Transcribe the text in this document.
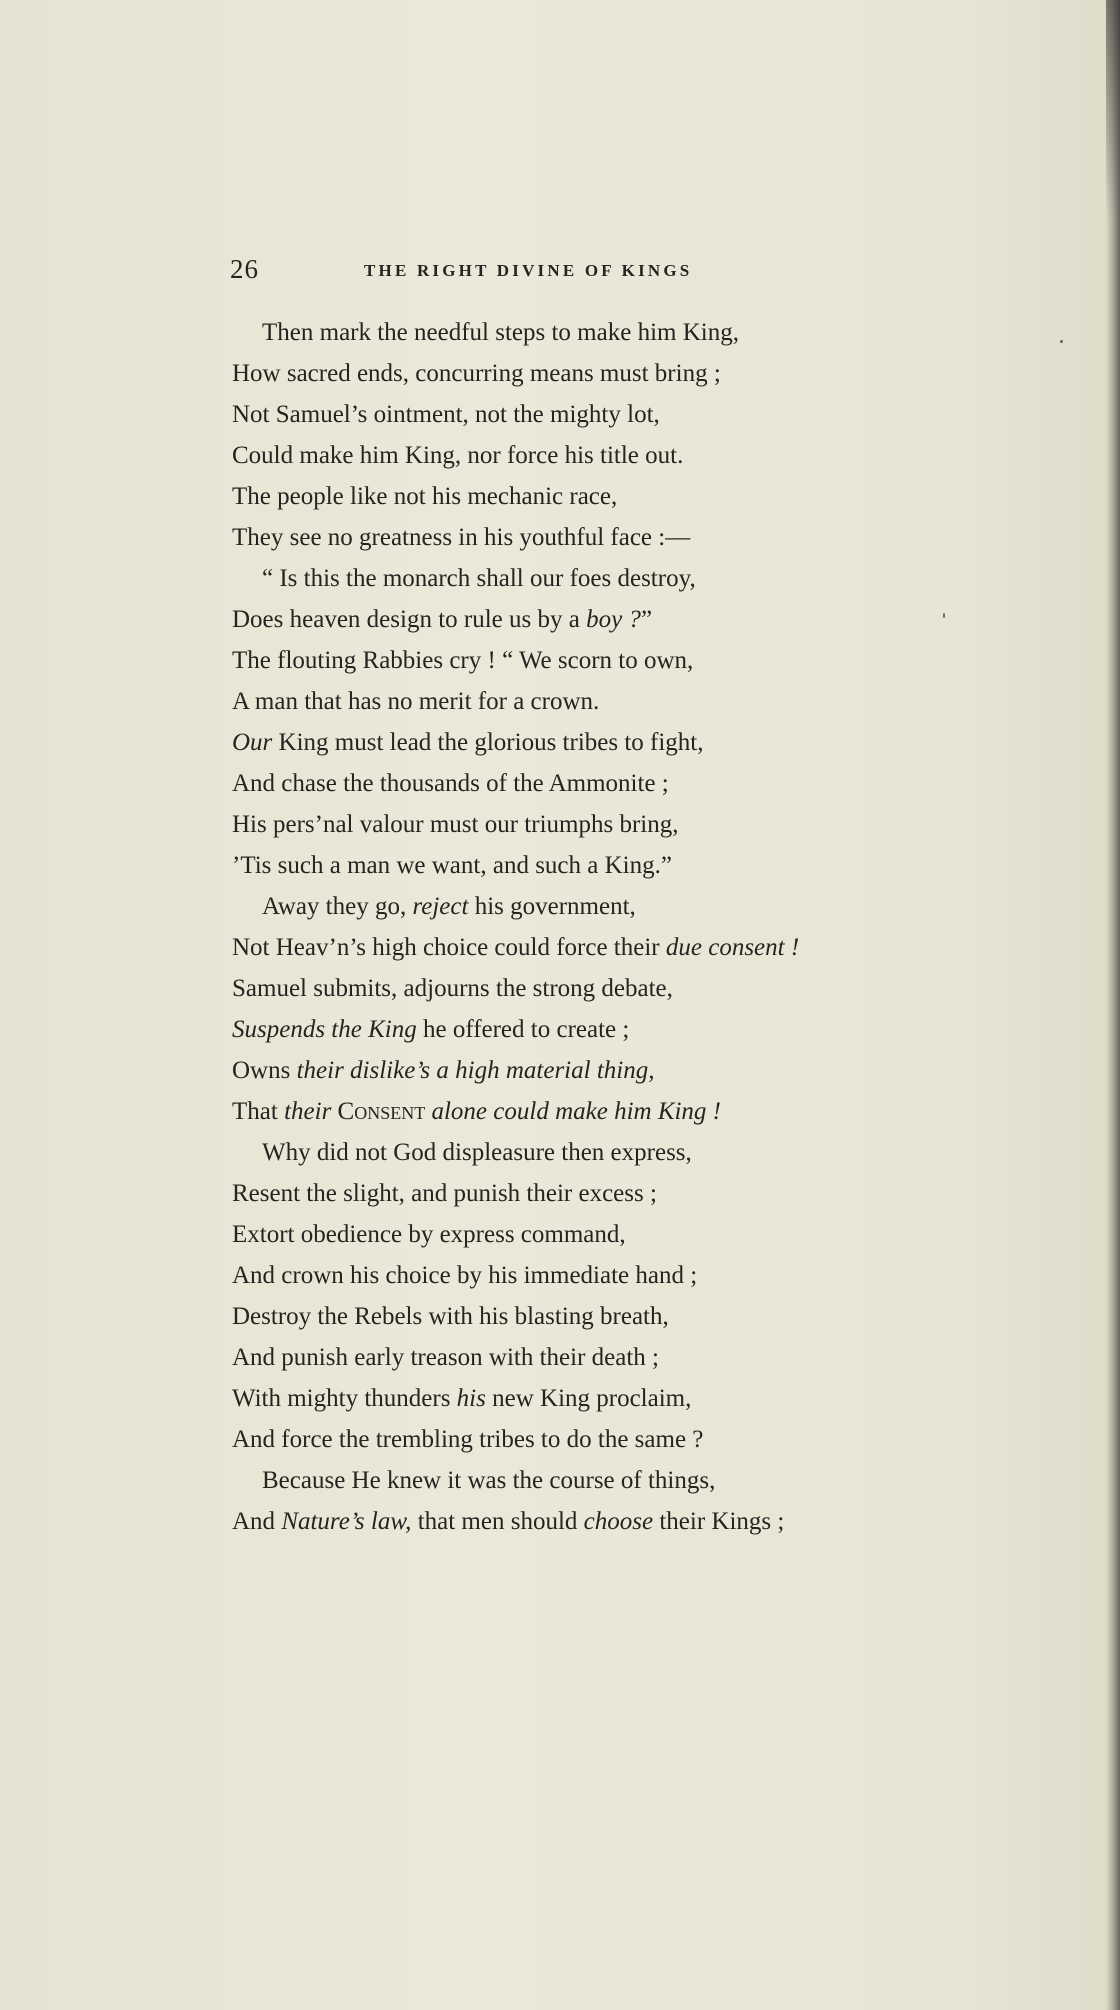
26	THE RIGHT DIVINE OF KINGS
Then mark the needful steps to make him King,
How sacred ends, concurring means must bring ;
Not Samuel’s ointment, not the mighty lot,
Could make him King, nor force his title out.
The people like not his mechanic race,
They see no greatness in his youthful face :—
“ Is this the monarch shall our foes destroy,
Does heaven design to rule us by a boy ?”
The flouting Rabbies cry ! “ We scorn to own,
A man that has no merit for a crown.
Our King must lead the glorious tribes to fight,
And chase the thousands of the Ammonite ;
His pers’nal valour must our triumphs bring,
’Tis such a man we want, and such a King.”
Away they go, reject his government,
Not Heav’n’s high choice could force their due consent !
Samuel submits, adjourns the strong debate,
Suspends the King he offered to create ;
Owns their dislike’s a high material thing,
That their Consent alone could make him King !
Why did not God displeasure then express,
Resent the slight, and punish their excess ;
Extort obedience by express command,
And crown his choice by his immediate hand ;
Destroy the Rebels with his blasting breath,
And punish early treason with their death ;
With mighty thunders his new King proclaim,
And force the trembling tribes to do the same ?
Because He knew it was the course of things,
And Nature’s law, that men should choose their Kings ;
